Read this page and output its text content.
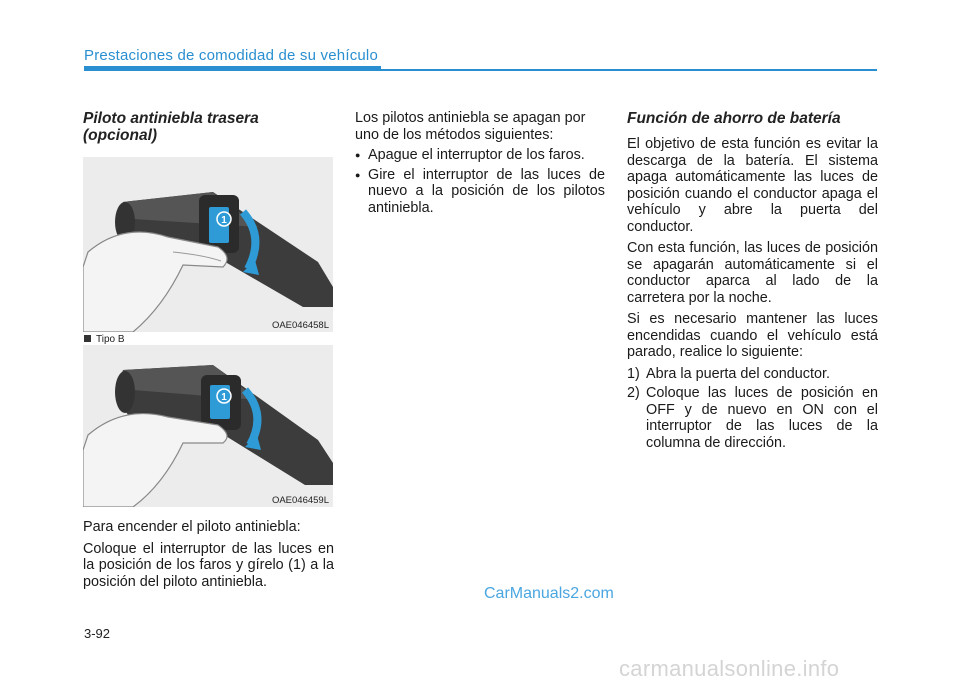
Prestaciones de comodidad de su vehículo
Piloto antiniebla trasera (opcional)
1
OAE046458L
Tipo B
1
OAE046459L

Para encender el piloto antiniebla:

Coloque el interruptor de las luces en la posición de los faros y gírelo (1) a la posición del piloto antiniebla.

Los pilotos antiniebla se apagan por uno de los métodos siguientes:

● Apague el interruptor de los faros.
● Gire el interruptor de las luces de nuevo a la posición de los pilotos antiniebla.
Función de ahorro de batería

El objetivo de esta función es evitar la descarga de la batería. El sistema apaga automáticamente las luces de posición cuando el conductor apaga el vehículo y abre la puerta del conductor.

Con esta función, las luces de posición se apagarán automáticamente si el conductor aparca al lado de la carretera por la noche.

Si es necesario mantener las luces encendidas cuando el vehículo está parado, realice lo siguiente:

1) Abra la puerta del conductor.
2) Coloque las luces de posición en OFF y de nuevo en ON con el interruptor de las luces de la columna de dirección.
CarManuals2.com
3-92
carmanualsonline.info
